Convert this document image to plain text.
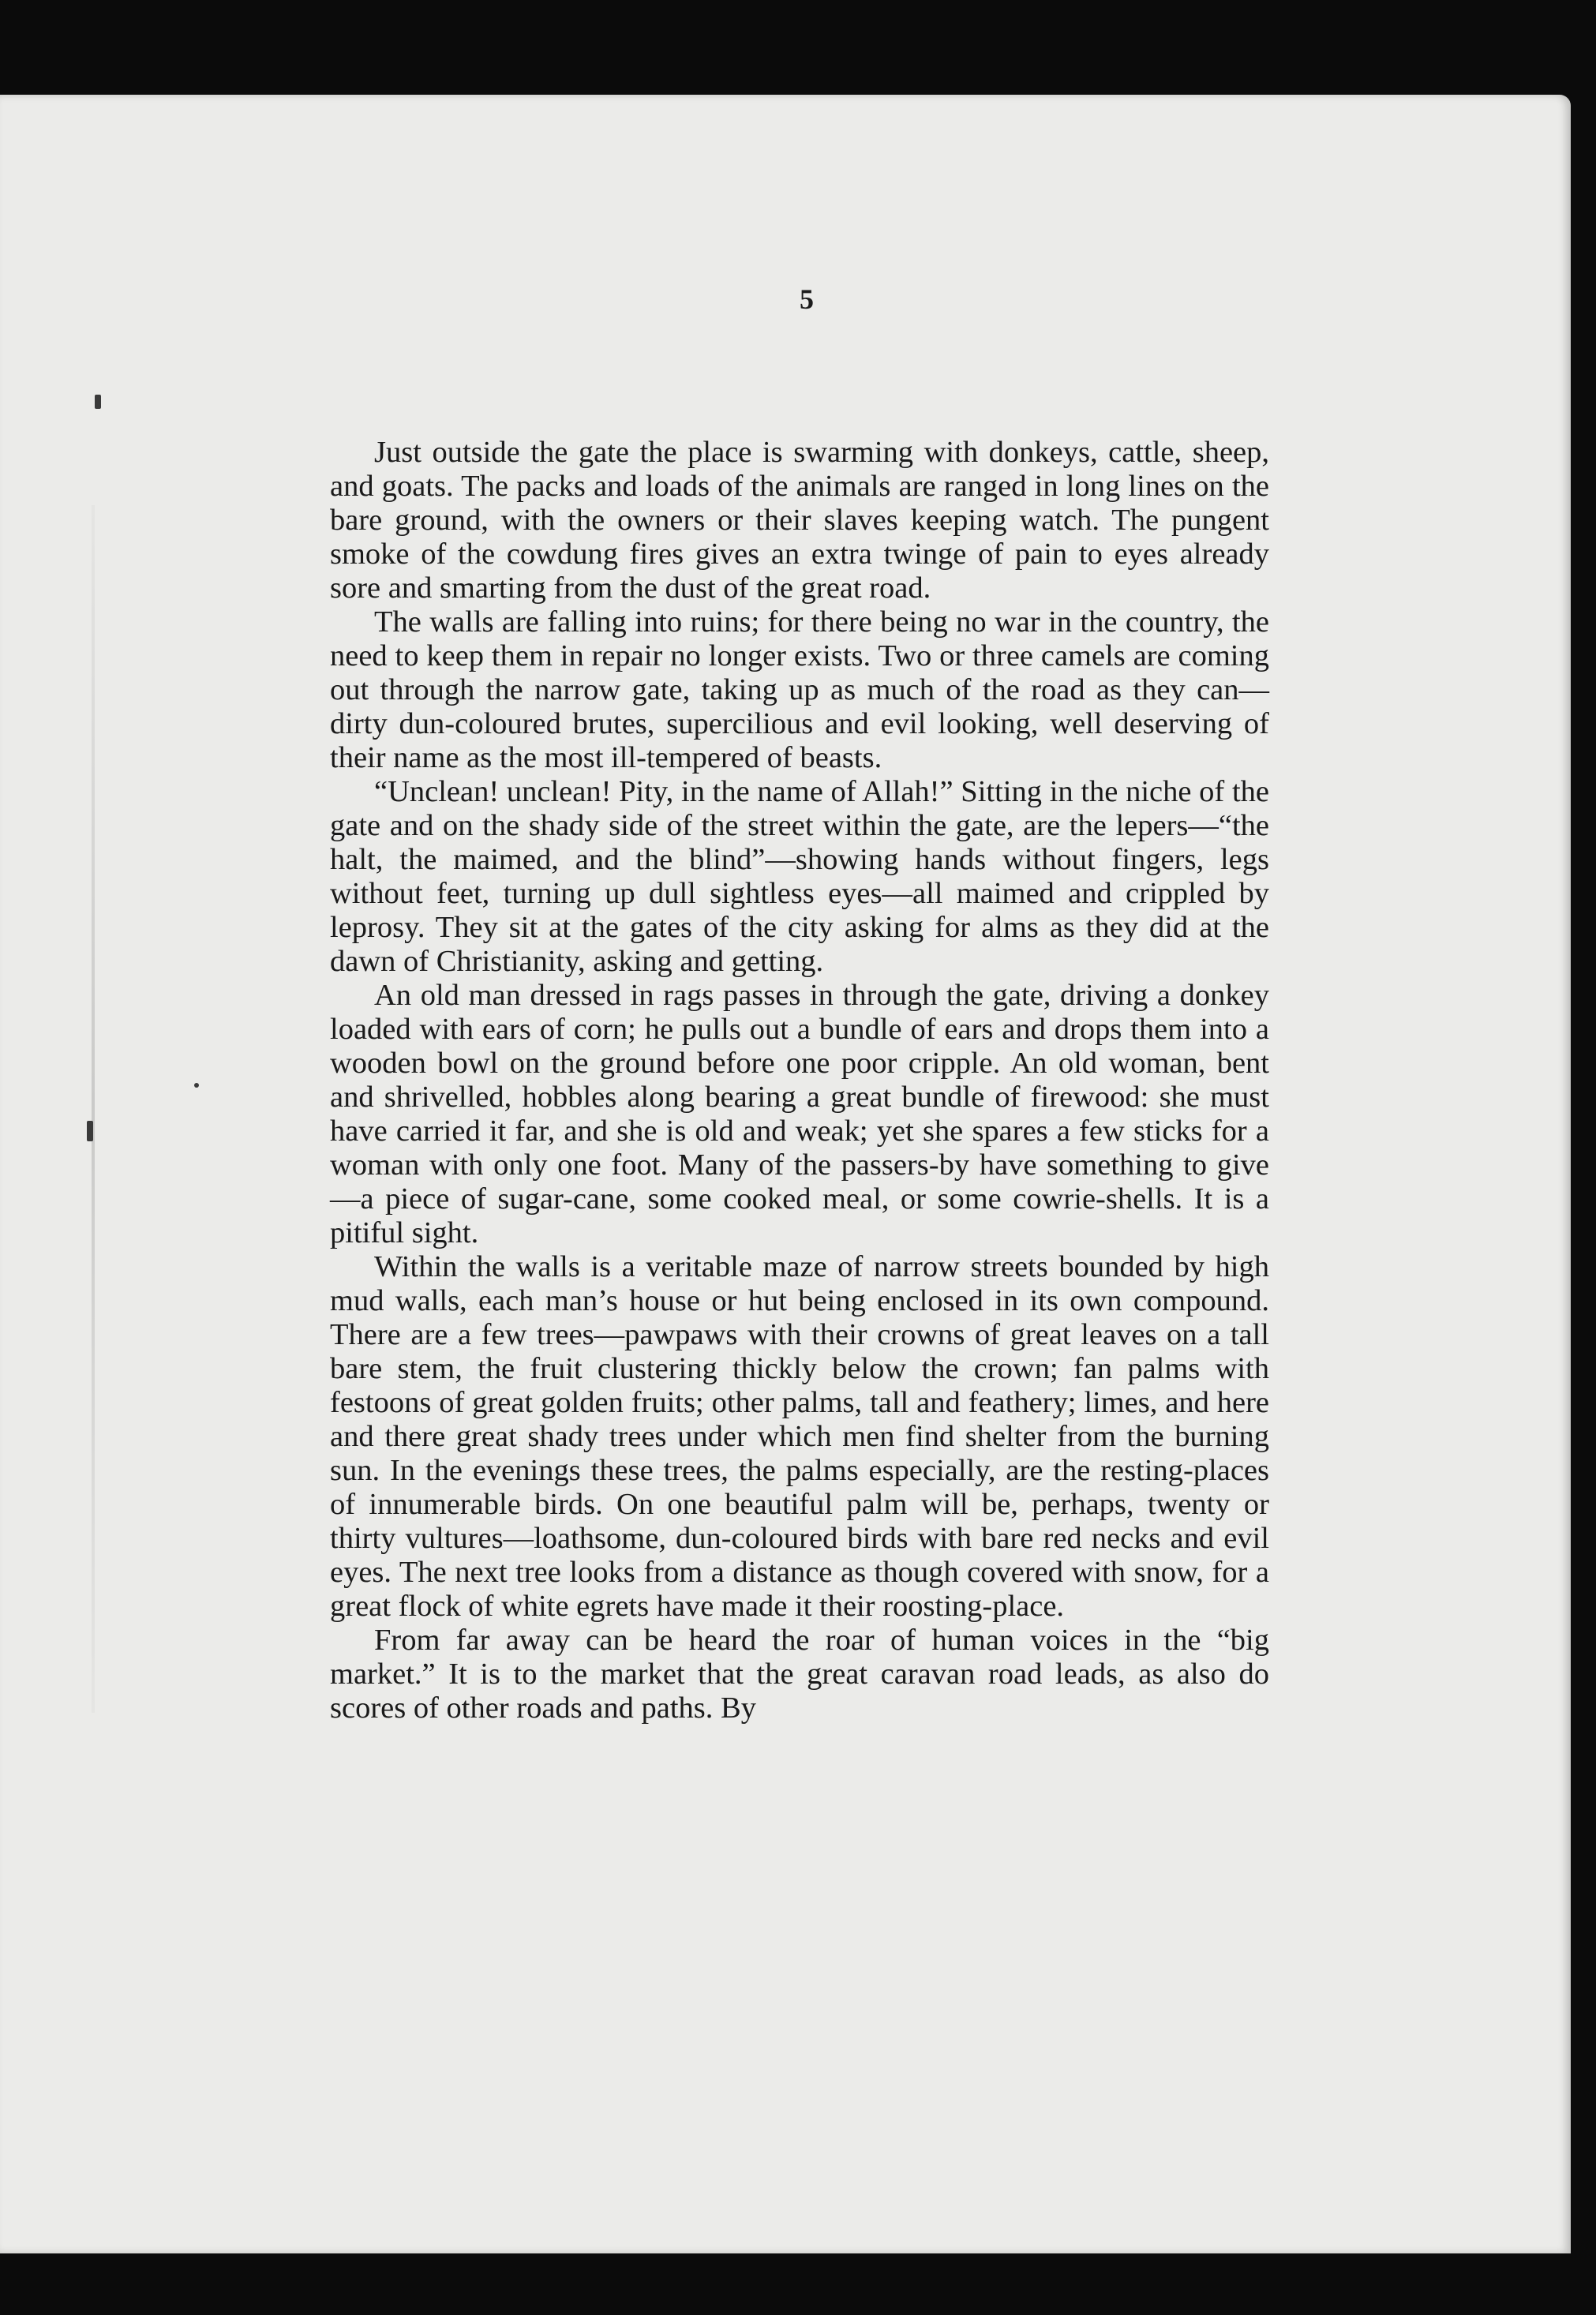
5

Just outside the gate the place is swarming with donkeys, cattle, sheep, and goats. The packs and loads of the animals are ranged in long lines on the bare ground, with the owners or their slaves keeping watch. The pungent smoke of the cowdung fires gives an extra twinge of pain to eyes already sore and smarting from the dust of the great road.

The walls are falling into ruins; for there being no war in the country, the need to keep them in repair no longer exists. Two or three camels are coming out through the narrow gate, taking up as much of the road as they can—dirty dun-coloured brutes, supercilious and evil looking, well deserving of their name as the most ill-tempered of beasts.

“Unclean! unclean! Pity, in the name of Allah!” Sitting in the niche of the gate and on the shady side of the street within the gate, are the lepers—“the halt, the maimed, and the blind”—showing hands without fingers, legs without feet, turning up dull sightless eyes—all maimed and crippled by leprosy. They sit at the gates of the city asking for alms as they did at the dawn of Christianity, asking and getting.

An old man dressed in rags passes in through the gate, driving a donkey loaded with ears of corn; he pulls out a bundle of ears and drops them into a wooden bowl on the ground before one poor cripple. An old woman, bent and shrivelled, hobbles along bearing a great bundle of firewood: she must have carried it far, and she is old and weak; yet she spares a few sticks for a woman with only one foot. Many of the passers-by have something to give—a piece of sugar-cane, some cooked meal, or some cowrie-shells. It is a pitiful sight.

Within the walls is a veritable maze of narrow streets bounded by high mud walls, each man’s house or hut being enclosed in its own compound. There are a few trees—pawpaws with their crowns of great leaves on a tall bare stem, the fruit clustering thickly below the crown; fan palms with festoons of great golden fruits; other palms, tall and feathery; limes, and here and there great shady trees under which men find shelter from the burning sun. In the evenings these trees, the palms especially, are the resting-places of innumerable birds. On one beautiful palm will be, perhaps, twenty or thirty vultures—loathsome, dun-coloured birds with bare red necks and evil eyes. The next tree looks from a distance as though covered with snow, for a great flock of white egrets have made it their roosting-place.

From far away can be heard the roar of human voices in the “big market.” It is to the market that the great caravan road leads, as also do scores of other roads and paths. By
